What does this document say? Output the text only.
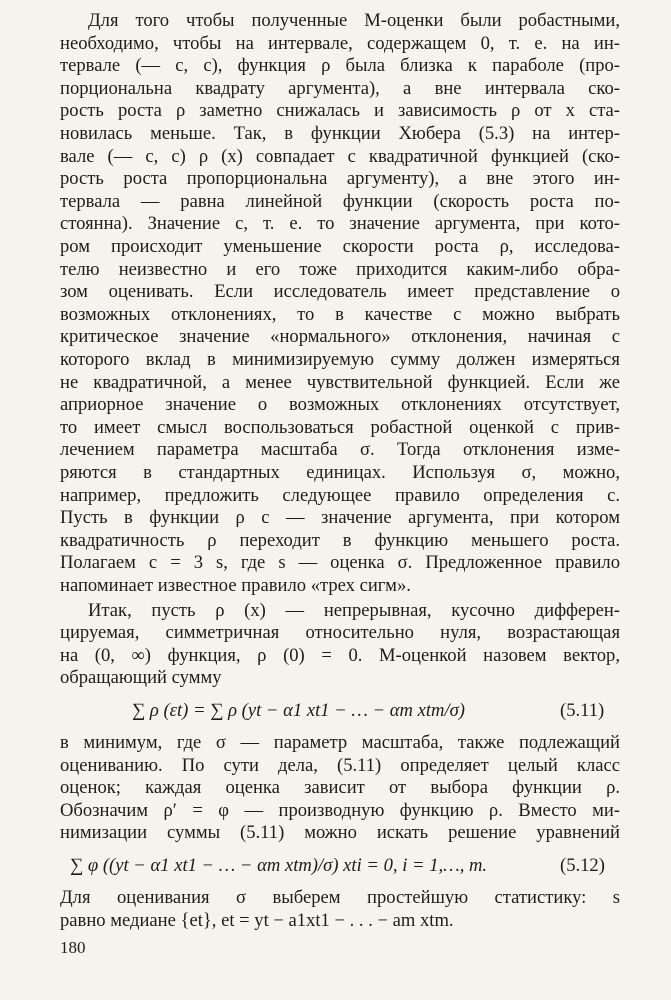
Для того чтобы полученные М-оценки были робастными,
необходимо, чтобы на интервале, содержащем 0, т. е. на ин-
тервале (— c, c), функция ρ была близка к параболе (про-
порциональна квадрату аргумента), а вне интервала ско-
рость роста ρ заметно снижалась и зависимость ρ от x ста-
новилась меньше. Так, в функции Хюбера (5.3) на интер-
вале (— c, c) ρ (x) совпадает с квадратичной функцией (ско-
рость роста пропорциональна аргументу), а вне этого ин-
тервала — равна линейной функции (скорость роста по-
стоянна). Значение c, т. е. то значение аргумента, при кото-
ром происходит уменьшение скорости роста ρ, исследова-
телю неизвестно и его тоже приходится каким-либо обра-
зом оценивать. Если исследователь имеет представление о
возможных отклонениях, то в качестве c можно выбрать
критическое значение «нормального» отклонения, начиная с
которого вклад в минимизируемую сумму должен измеряться
не квадратичной, а менее чувствительной функцией. Если же
априорное значение о возможных отклонениях отсутствует,
то имеет смысл воспользоваться робастной оценкой с прив-
лечением параметра масштаба σ. Тогда отклонения изме-
ряются в стандартных единицах. Используя σ, можно,
например, предложить следующее правило определения c.
Пусть в функции ρ c — значение аргумента, при котором
квадратичность ρ переходит в функцию меньшего роста.
Полагаем c = 3 s, где s — оценка σ. Предложенное правило
напоминает известное правило «трех сигм».
Итак, пусть ρ (x) — непрерывная, кусочно дифферен-
цируемая, симметричная относительно нуля, возрастающая
на (0, ∞) функция, ρ (0) = 0. М-оценкой назовем вектор,
обращающий сумму
∑ ρ (εt) = ∑ ρ (yt − α1 xt1 − … − αm xtm/σ)	(5.11)
в минимум, где σ — параметр масштаба, также подлежащий
оцениванию. По сути дела, (5.11) определяет целый класс
оценок; каждая оценка зависит от выбора функции ρ.
Обозначим ρ′ = φ — производную функцию ρ. Вместо ми-
нимизации суммы (5.11) можно искать решение уравнений
∑ φ ((yt − α1 xt1 − … − αm xtm)/σ) xti = 0, i = 1,…, m.	(5.12)
Для оценивания σ выберем простейшую статистику: s
равно медиане {et}, et = yt − a1xt1 − . . . − am xtm.
180
